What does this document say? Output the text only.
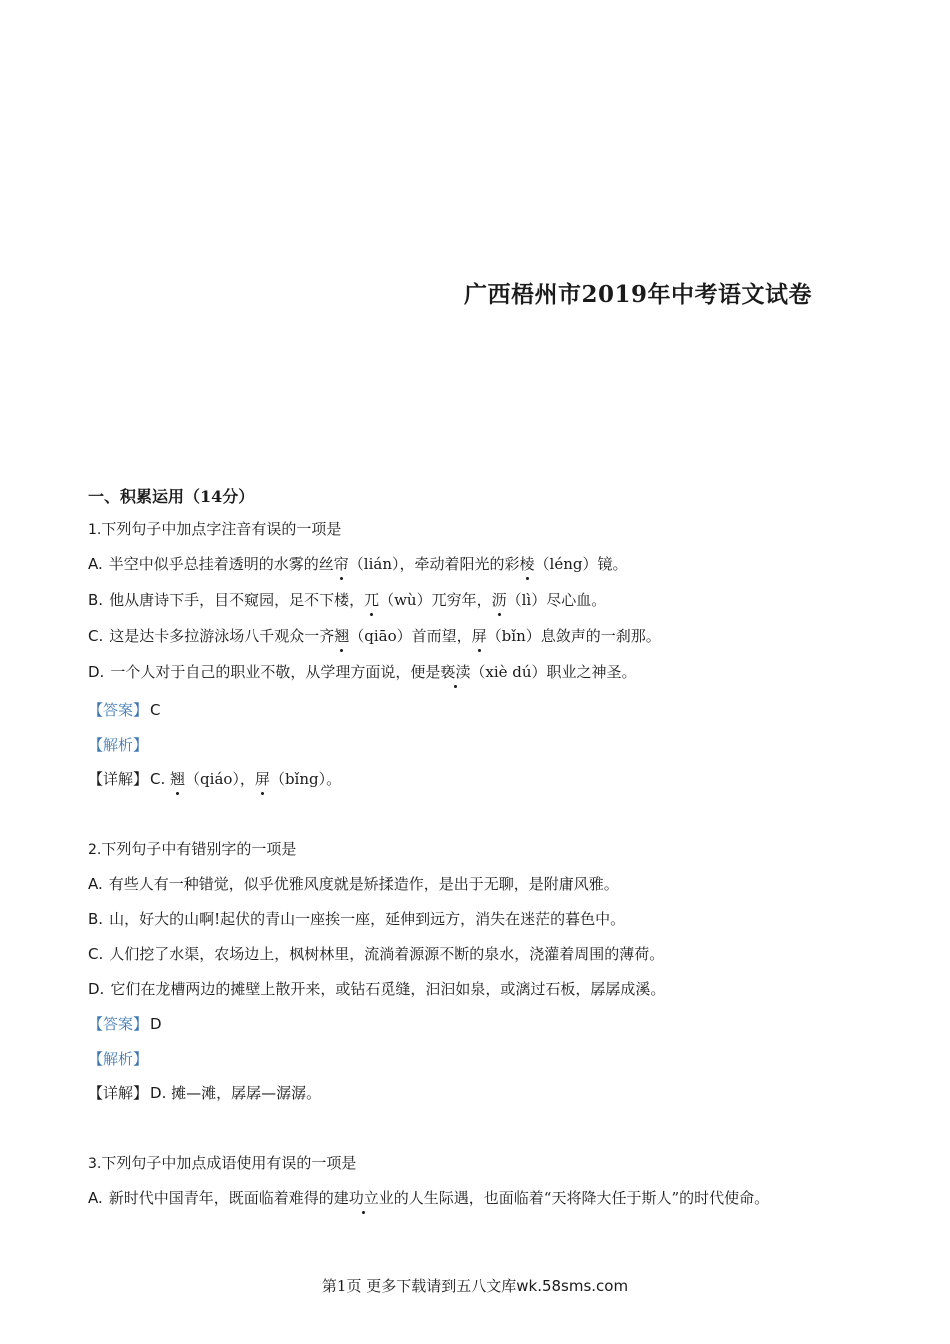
广西梧州市2019年中考语文试卷
一、积累运用（14分）
1.下列句子中加点字注音有误的一项是
A. 半空中似乎总挂着透明的水雾的丝帘（lián），牵动着阳光的彩棱（léng）镜。
B. 他从唐诗下手，目不窥园，足不下楼，兀（wù）兀穷年，沥（lì）尽心血。
C. 这是达卡多拉游泳场八千观众一齐翘（qiāo）首而望，屏（bǐn）息敛声的一刹那。
D. 一个人对于自己的职业不敬，从学理方面说，便是亵渎（xiè dú）职业之神圣。
【答案】 C
【解析】
【详解】 C. 翘（qiáo），屏（bǐng）。
2.下列句子中有错别字的一项是
A. 有些人有一种错觉，似乎优雅风度就是矫揉造作，是出于无聊，是附庸风雅。
B. 山，好大的山啊!起伏的青山一座挨一座，延伸到远方，消失在迷茫的暮色中。
C. 人们挖了水渠，农场边上，枫树林里，流淌着源源不断的泉水，浇灌着周围的薄荷。
D. 它们在龙槽两边的摊壁上散开来，或钻石觅缝，汩汩如泉，或漓过石板，孱孱成溪。
【答案】 D
【解析】
【详解】 D. 摊—滩，孱孱—潺潺。
3.下列句子中加点成语使用有误的一项是
A. 新时代中国青年，既面临着难得的建功立业的人生际遇，也面临着“天将降大任于斯人”的时代使命。
第1页 更多下载请到五八文库wk.58sms.com
